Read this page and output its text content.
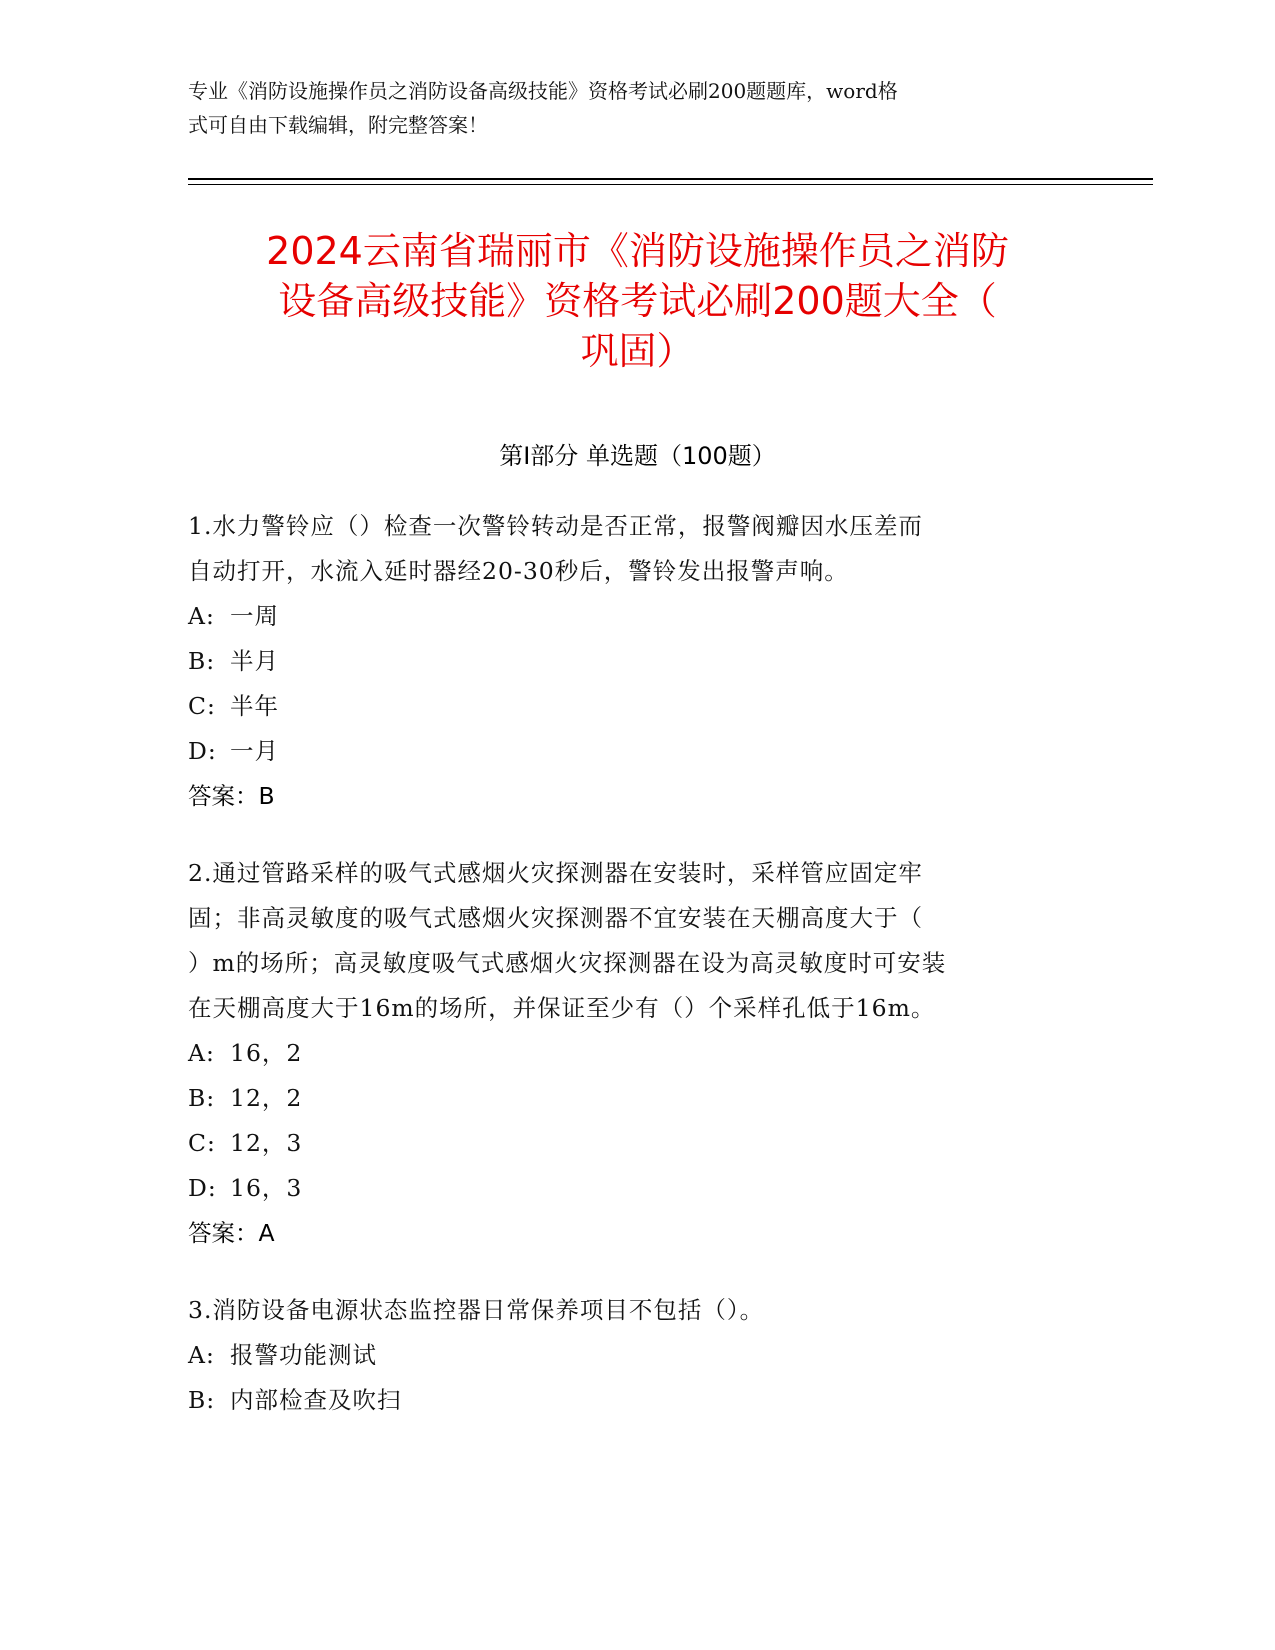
专业《消防设施操作员之消防设备高级技能》资格考试必刷200题题库，word格
式可自由下载编辑，附完整答案！
2024云南省瑞丽市《消防设施操作员之消防
设备高级技能》资格考试必刷200题大全（
巩固）
第Ⅰ部分 单选题（100题）
1.水力警铃应（）检查一次警铃转动是否正常，报警阀瓣因水压差而
自动打开，水流入延时器经20-30秒后，警铃发出报警声响。
A: 一周
B: 半月
C: 半年
D: 一月
答案：B
2.通过管路采样的吸气式感烟火灾探测器在安装时，采样管应固定牢
固；非高灵敏度的吸气式感烟火灾探测器不宜安装在天棚高度大于（
）m的场所；高灵敏度吸气式感烟火灾探测器在设为高灵敏度时可安装
在天棚高度大于16m的场所，并保证至少有（）个采样孔低于16m。
A: 16，2
B: 12，2
C: 12，3
D: 16，3
答案：A
3.消防设备电源状态监控器日常保养项目不包括（）。
A: 报警功能测试
B: 内部检查及吹扫
